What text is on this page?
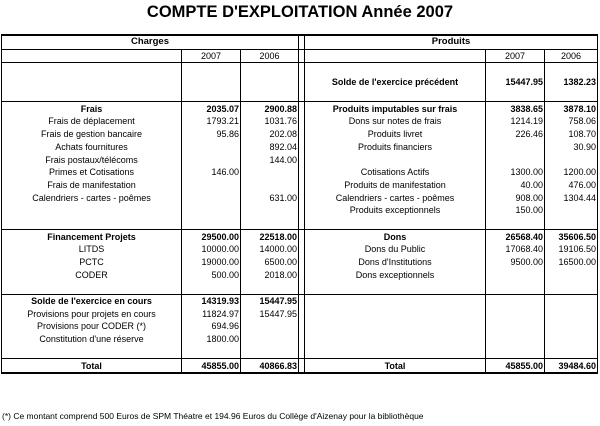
COMPTE D'EXPLOITATION Année 2007
Charges				Produits		
	2007	2006			2007	2006

				Solde de l'exercice précédent	15447.95	1382.23

Frais	2035.07	2900.88		Produits imputables sur frais	3838.65	3878.10
Frais de déplacement	1793.21	1031.76		Dons sur notes de frais	1214.19	758.06
Frais de gestion bancaire	95.86	202.08		Produits livret	226.46	108.70
Achats fournitures		892.04		Produits financiers		30.90
Frais postaux/télécoms		144.00				
Primes et Cotisations	146.00			Cotisations Actifs	1300.00	1200.00
Frais de manifestation				Produits de manifestation	40.00	476.00
Calendriers - cartes - poêmes		631.00		Calendriers - cartes - poêmes	908.00	1304.44
				Produits exceptionnels	150.00	

Financement Projets	29500.00	22518.00		Dons	26568.40	35606.50
LITDS	10000.00	14000.00		Dons du Public	17068.40	19106.50
PCTC	19000.00	6500.00		Dons d'Institutions	9500.00	16500.00
CODER	500.00	2018.00		Dons exceptionnels		

Solde de l'exercice en cours	14319.93	15447.95				
Provisions pour projets en cours	11824.97	15447.95				
Provisions pour CODER (*)	694.96					
Constitution d'une réserve	1800.00					

Total	45855.00	40866.83		Total	45855.00	39484.60
(*) Ce montant comprend 500 Euros de SPM Théatre et 194.96 Euros du Collège d'Aizenay pour la bibliothèque
